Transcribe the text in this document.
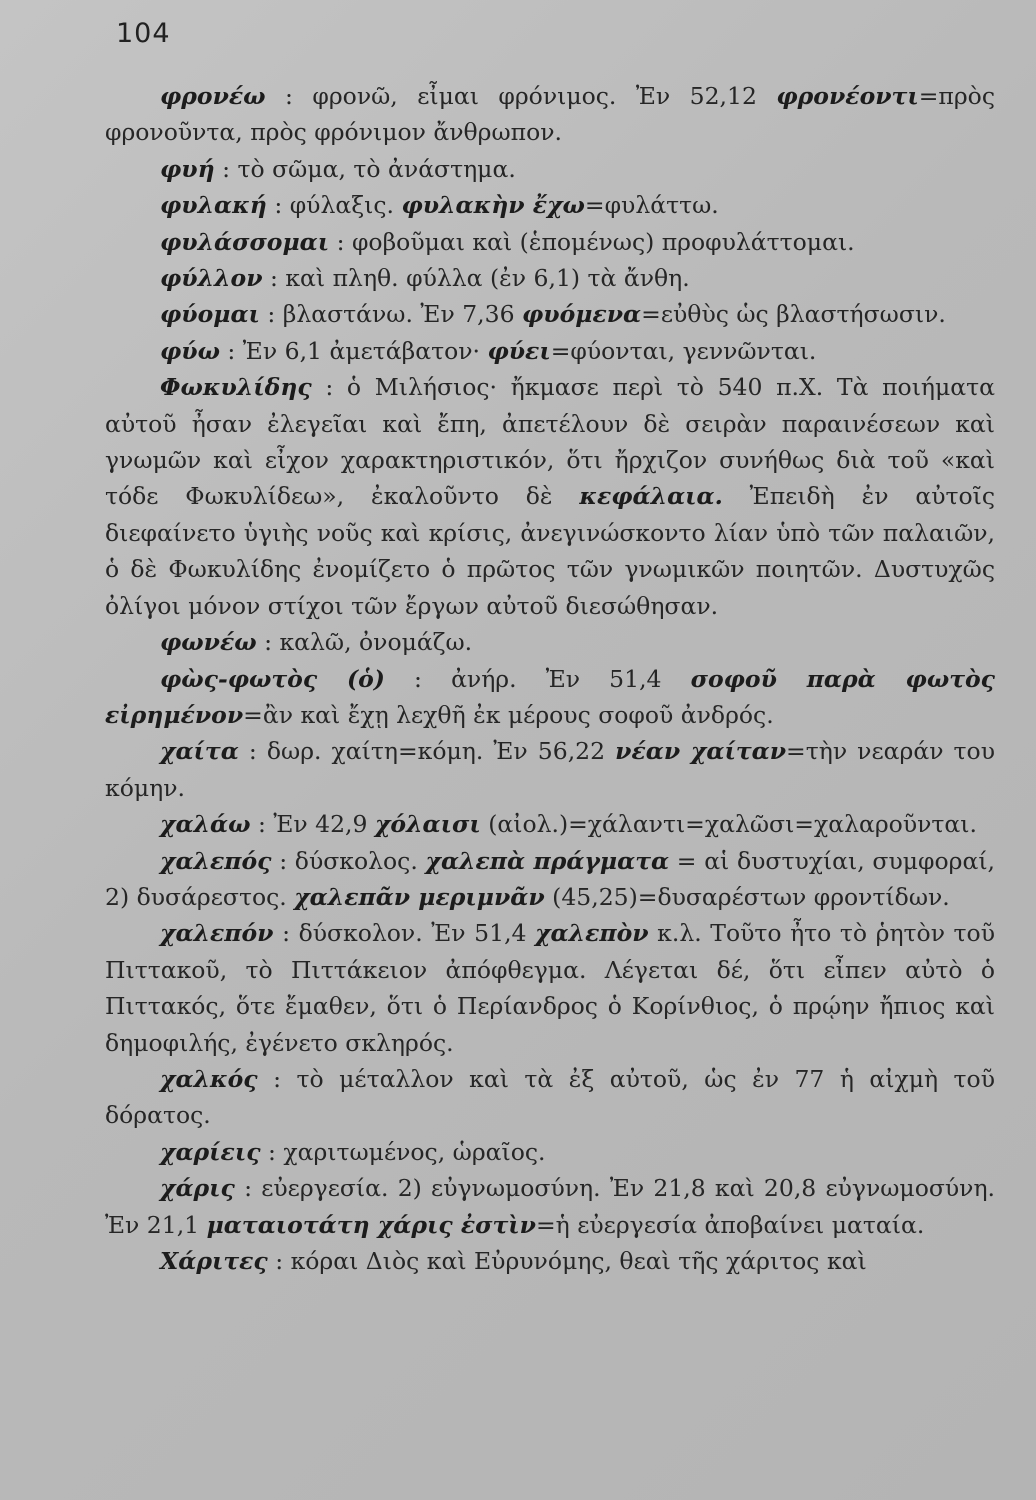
104

φρονέω : φρονῶ, εἶμαι φρόνιμος. Ἐν 52,12 φρονέοντι=πρὸς φρονοῦντα, πρὸς φρόνιμον ἄνθρωπον.

φυή : τὸ σῶμα, τὸ ἀνάστημα.

φυλακή : φύλαξις. φυλακὴν ἔχω=φυλάττω.

φυλάσσομαι : φοβοῦμαι καὶ (ἑπομένως) προφυλάττομαι.

φύλλον : καὶ πληθ. φύλλα (ἐν 6,1) τὰ ἄνθη.

φύομαι : βλαστάνω. Ἐν 7,36 φυόμενα=εὐθὺς ὡς βλαστήσωσιν.

φύω : Ἐν 6,1 ἀμετάβατον· φύει=φύονται, γεννῶνται.

Φωκυλίδης : ὁ Μιλήσιος· ἤκμασε περὶ τὸ 540 π.Χ. Τὰ ποιήματα αὐτοῦ ἦσαν ἐλεγεῖαι καὶ ἔπη, ἀπετέλουν δὲ σειρὰν παραινέσεων καὶ γνωμῶν καὶ εἶχον χαρακτηριστικόν, ὅτι ἤρχιζον συνήθως διὰ τοῦ «καὶ τόδε Φωκυλίδεω», ἐκαλοῦντο δὲ κεφάλαια. Ἐπειδὴ ἐν αὐτοῖς διεφαίνετο ὑγιὴς νοῦς καὶ κρίσις, ἀνεγινώσκοντο λίαν ὑπὸ τῶν παλαιῶν, ὁ δὲ Φωκυλίδης ἐνομίζετο ὁ πρῶτος τῶν γνωμικῶν ποιητῶν. Δυστυχῶς ὀλίγοι μόνον στίχοι τῶν ἔργων αὐτοῦ διεσώθησαν.

φωνέω : καλῶ, ὀνομάζω.

φὼς-φωτὸς (ὁ) : ἀνήρ. Ἐν 51,4 σοφοῦ παρὰ φωτὸς εἰρημένον=ἂν καὶ ἔχῃ λεχθῆ ἐκ μέρους σοφοῦ ἀνδρός.

χαίτα : δωρ. χαίτη=κόμη. Ἐν 56,22 νέαν χαίταν=τὴν νεαράν του κόμην.

χαλάω : Ἐν 42,9 χόλαισι (αἰολ.)=χάλαντι=χαλῶσι=χαλαροῦνται.

χαλεπός : δύσκολος. χαλεπὰ πράγματα = αἱ δυστυχίαι, συμφοραί, 2) δυσάρεστος. χαλεπᾶν μεριμνᾶν (45,25)=δυσαρέστων φροντίδων.

χαλεπόν : δύσκολον. Ἐν 51,4 χαλεπὸν κ.λ. Τοῦτο ἦτο τὸ ῥητὸν τοῦ Πιττακοῦ, τὸ Πιττάκειον ἀπόφθεγμα. Λέγεται δέ, ὅτι εἶπεν αὐτὸ ὁ Πιττακός, ὅτε ἔμαθεν, ὅτι ὁ Περίανδρος ὁ Κορίνθιος, ὁ πρῴην ἤπιος καὶ δημοφιλής, ἐγένετο σκληρός.

χαλκός : τὸ μέταλλον καὶ τὰ ἐξ αὐτοῦ, ὡς ἐν 77 ἡ αἰχμὴ τοῦ δόρατος.

χαρίεις : χαριτωμένος, ὡραῖος.

χάρις : εὐεργεσία. 2) εὐγνωμοσύνη. Ἐν 21,8 καὶ 20,8 εὐγνωμοσύνη. Ἐν 21,1 ματαιοτάτη χάρις ἐστὶν=ἡ εὐεργεσία ἀποβαίνει ματαία.

Χάριτες : κόραι Διὸς καὶ Εὐρυνόμης, θεαὶ τῆς χάριτος καὶ
